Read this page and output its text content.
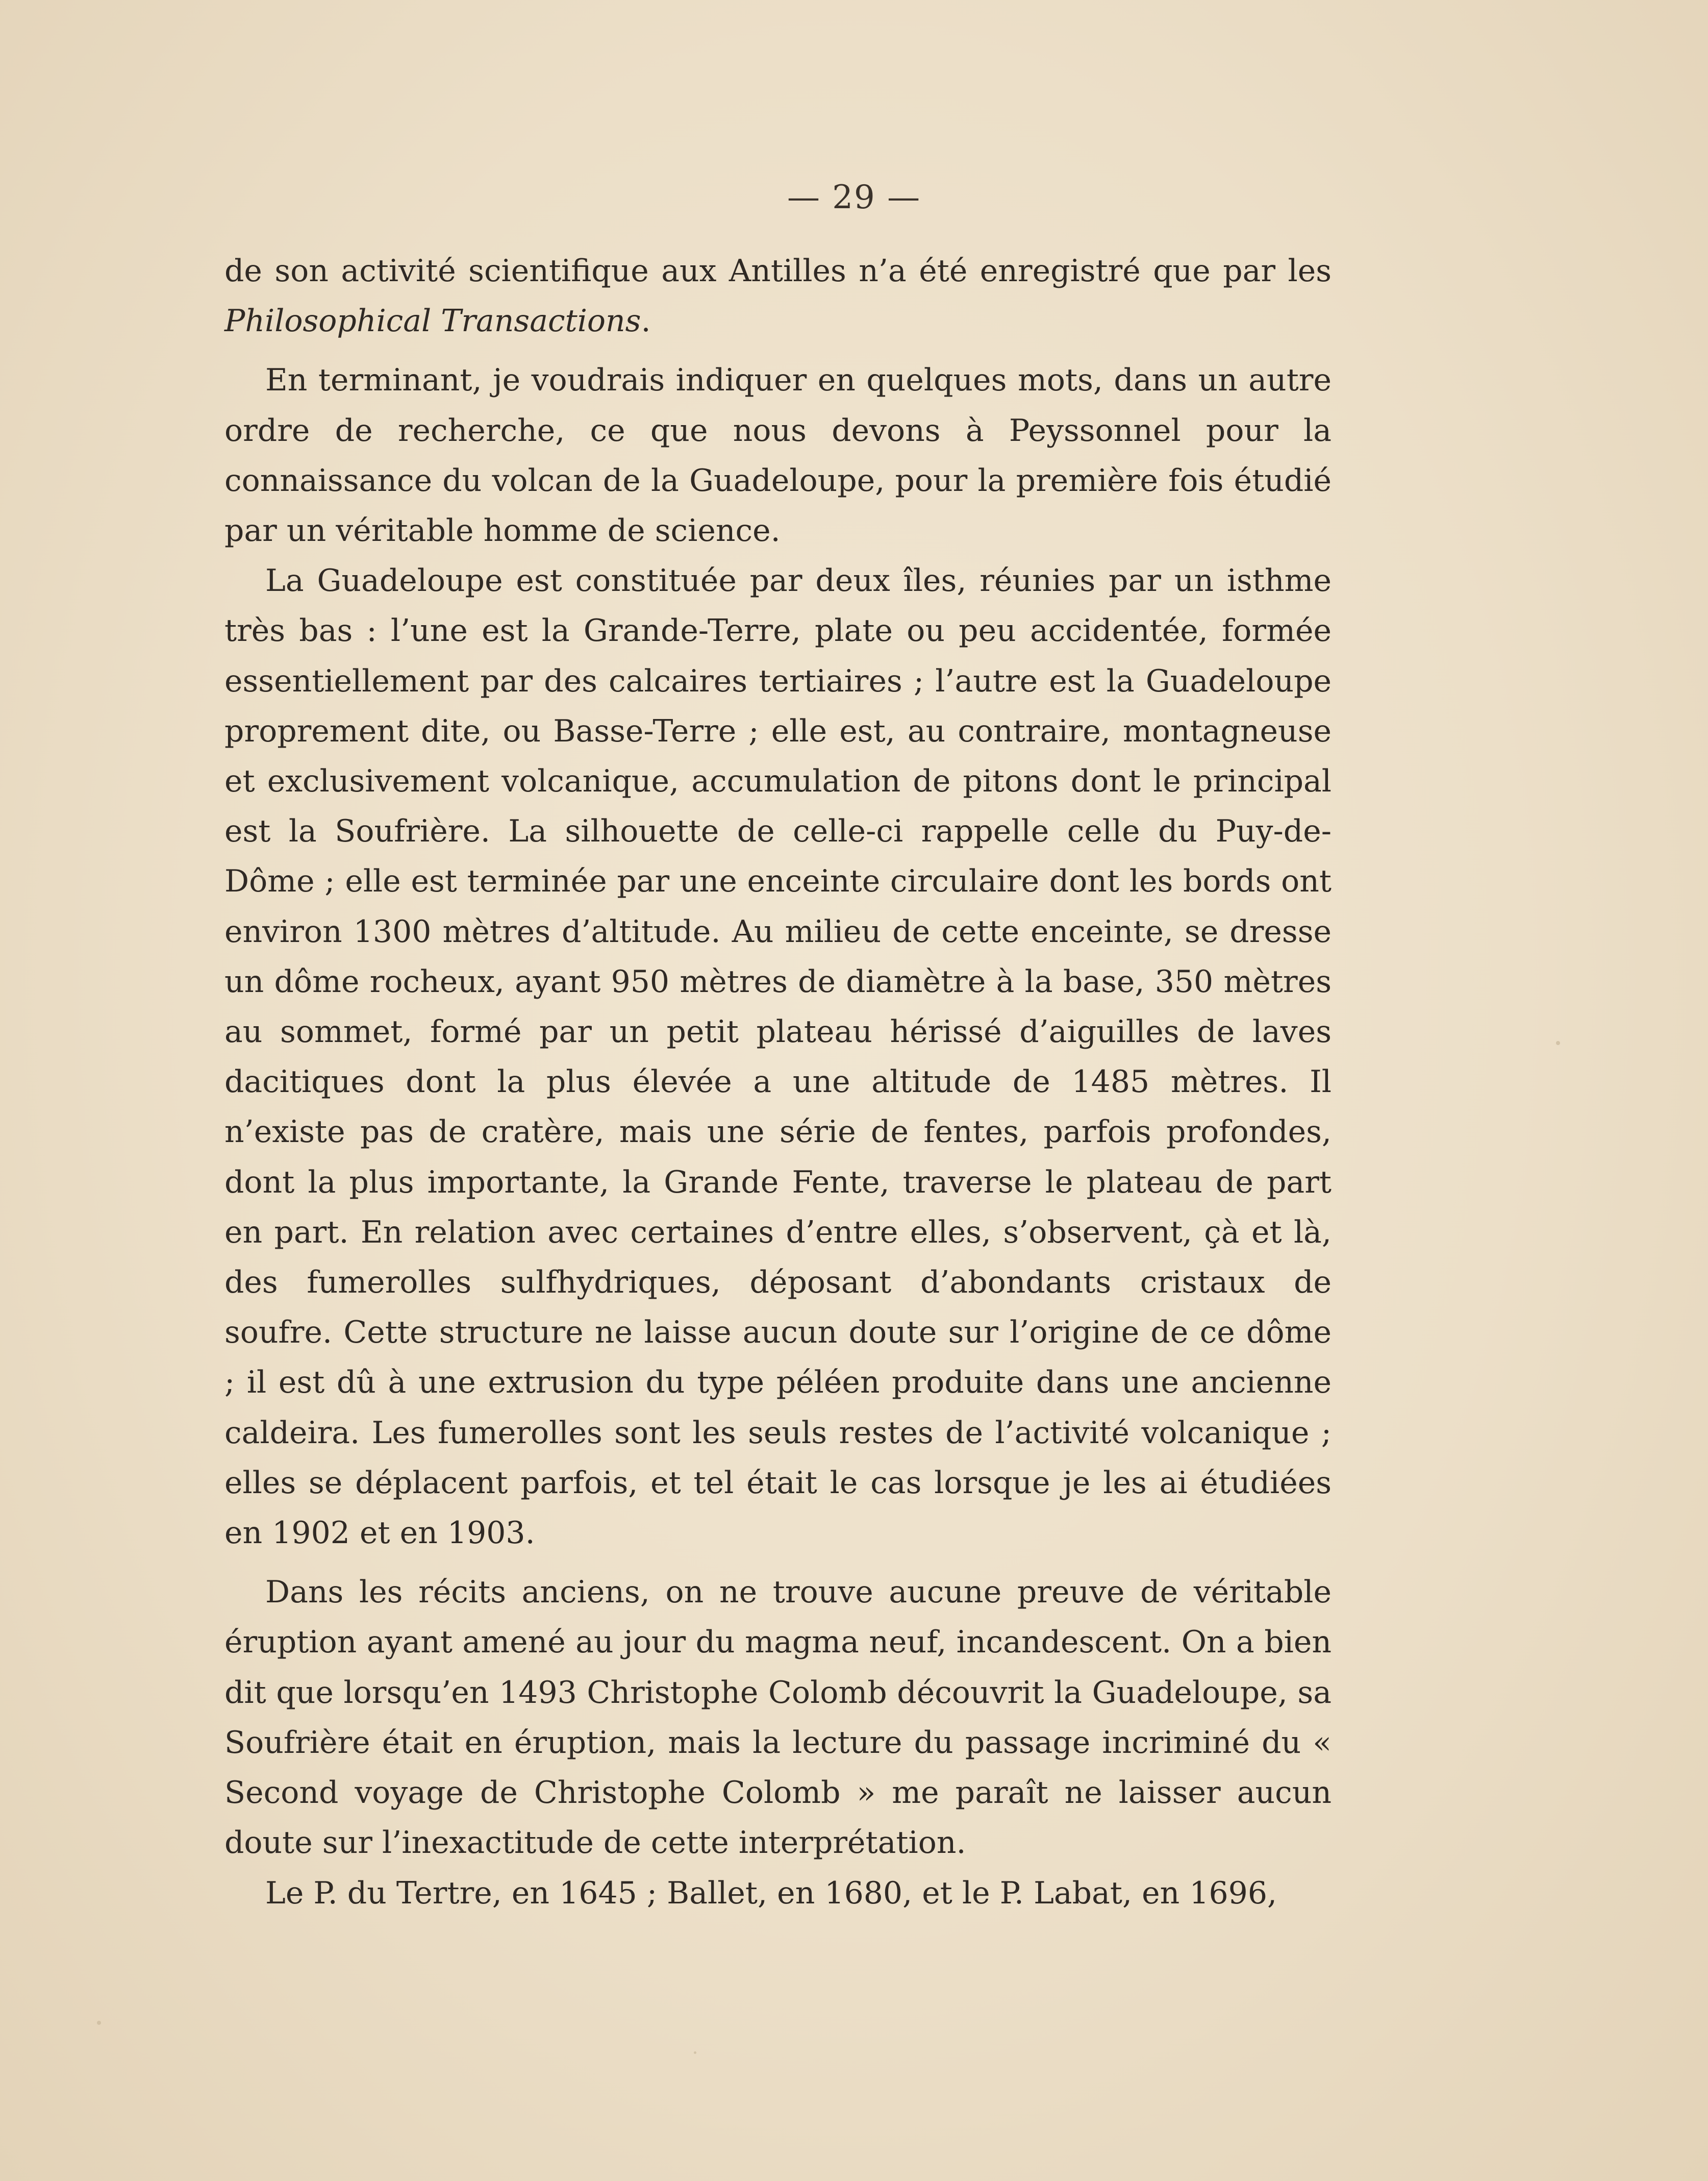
— 29 —

de son activité scientifique aux Antilles n’a été enregistré que par les Philosophical Transactions.

En terminant, je voudrais indiquer en quelques mots, dans un autre ordre de recherche, ce que nous devons à Peyssonnel pour la connaissance du volcan de la Guadeloupe, pour la première fois étudié par un véritable homme de science.

La Guadeloupe est constituée par deux îles, réunies par un isthme très bas : l’une est la Grande-Terre, plate ou peu accidentée, formée essentiellement par des calcaires tertiaires ; l’autre est la Guadeloupe proprement dite, ou Basse-Terre ; elle est, au contraire, montagneuse et exclusivement volcanique, accumulation de pitons dont le principal est la Soufrière. La silhouette de celle-ci rappelle celle du Puy-de-Dôme ; elle est terminée par une enceinte circulaire dont les bords ont environ 1300 mètres d’altitude. Au milieu de cette enceinte, se dresse un dôme rocheux, ayant 950 mètres de diamètre à la base, 350 mètres au sommet, formé par un petit plateau hérissé d’aiguilles de laves dacitiques dont la plus élevée a une altitude de 1485 mètres. Il n’existe pas de cratère, mais une série de fentes, parfois profondes, dont la plus importante, la Grande Fente, traverse le plateau de part en part. En relation avec certaines d’entre elles, s’observent, çà et là, des fumerolles sulfhydriques, déposant d’abondants cristaux de soufre. Cette structure ne laisse aucun doute sur l’origine de ce dôme ; il est dû à une extrusion du type péléen produite dans une ancienne caldeira. Les fumerolles sont les seuls restes de l’activité volcanique ; elles se déplacent parfois, et tel était le cas lorsque je les ai étudiées en 1902 et en 1903.

Dans les récits anciens, on ne trouve aucune preuve de véritable éruption ayant amené au jour du magma neuf, incandescent. On a bien dit que lorsqu’en 1493 Christophe Colomb découvrit la Guadeloupe, sa Soufrière était en éruption, mais la lecture du passage incriminé du « Second voyage de Christophe Colomb » me paraît ne laisser aucun doute sur l’inexactitude de cette interprétation.

Le P. du Tertre, en 1645 ; Ballet, en 1680, et le P. Labat, en 1696,
